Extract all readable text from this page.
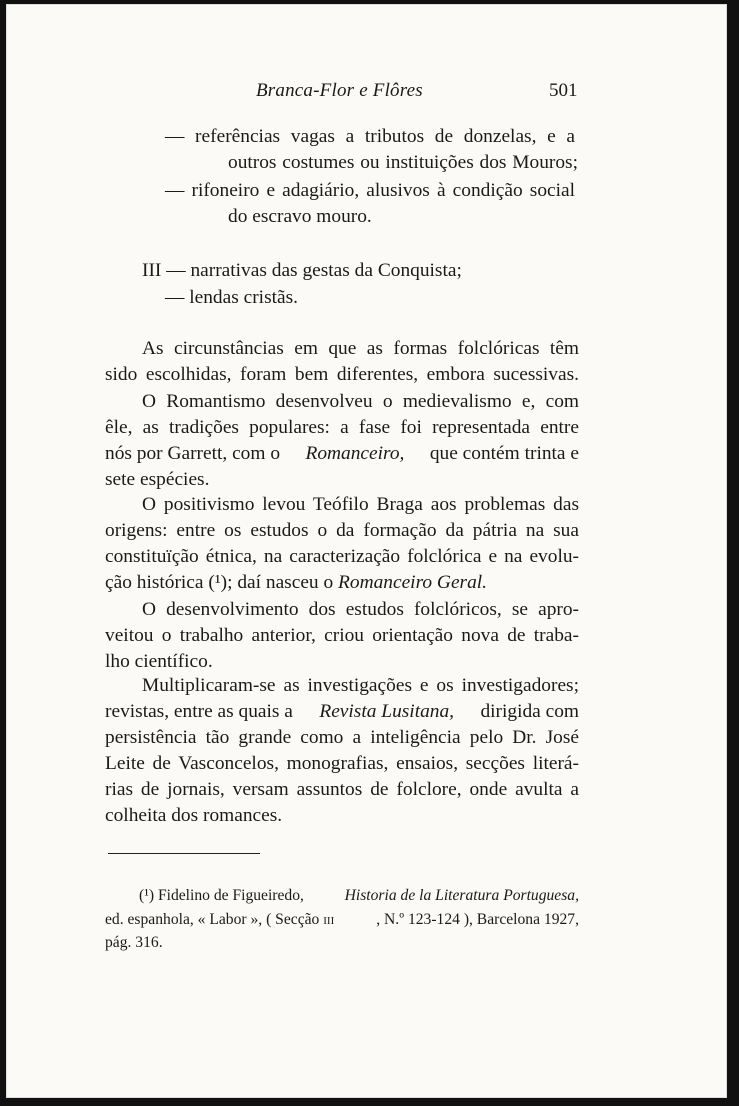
Branca-Flor e Flôres	501
— referências vagas a tributos de donzelas, e a
outros costumes ou instituições dos Mouros;
— rifoneiro e adagiário, alusivos à condição social
do escravo mouro.
III — narrativas das gestas da Conquista;
— lendas cristãs.
As circunstâncias em que as formas folclóricas têm
sido escolhidas, foram bem diferentes, embora sucessivas.
O Romantismo desenvolveu o medievalismo e, com
êle, as tradições populares: a fase foi representada entre
nós por Garrett, com o Romanceiro, que contém trinta e
sete espécies.
O positivismo levou Teófilo Braga aos problemas das
origens: entre os estudos o da formação da pátria na sua
constituïção étnica, na caracterização folclórica e na evolu-
ção histórica (¹); daí nasceu o Romanceiro Geral.
O desenvolvimento dos estudos folclóricos, se apro-
veitou o trabalho anterior, criou orientação nova de traba-
lho científico.
Multiplicaram-se as investigações e os investigadores;
revistas, entre as quais a Revista Lusitana, dirigida com
persistência tão grande como a inteligência pelo Dr. José
Leite de Vasconcelos, monografias, ensaios, secções literá-
rias de jornais, versam assuntos de folclore, onde avulta a
colheita dos romances.
(¹) Fidelino de Figueiredo,	Historia de la Literatura Portuguesa,
ed. espanhola, « Labor », ( Secção iii	, N.º 123-124 ), Barcelona 1927,
pág. 316.
